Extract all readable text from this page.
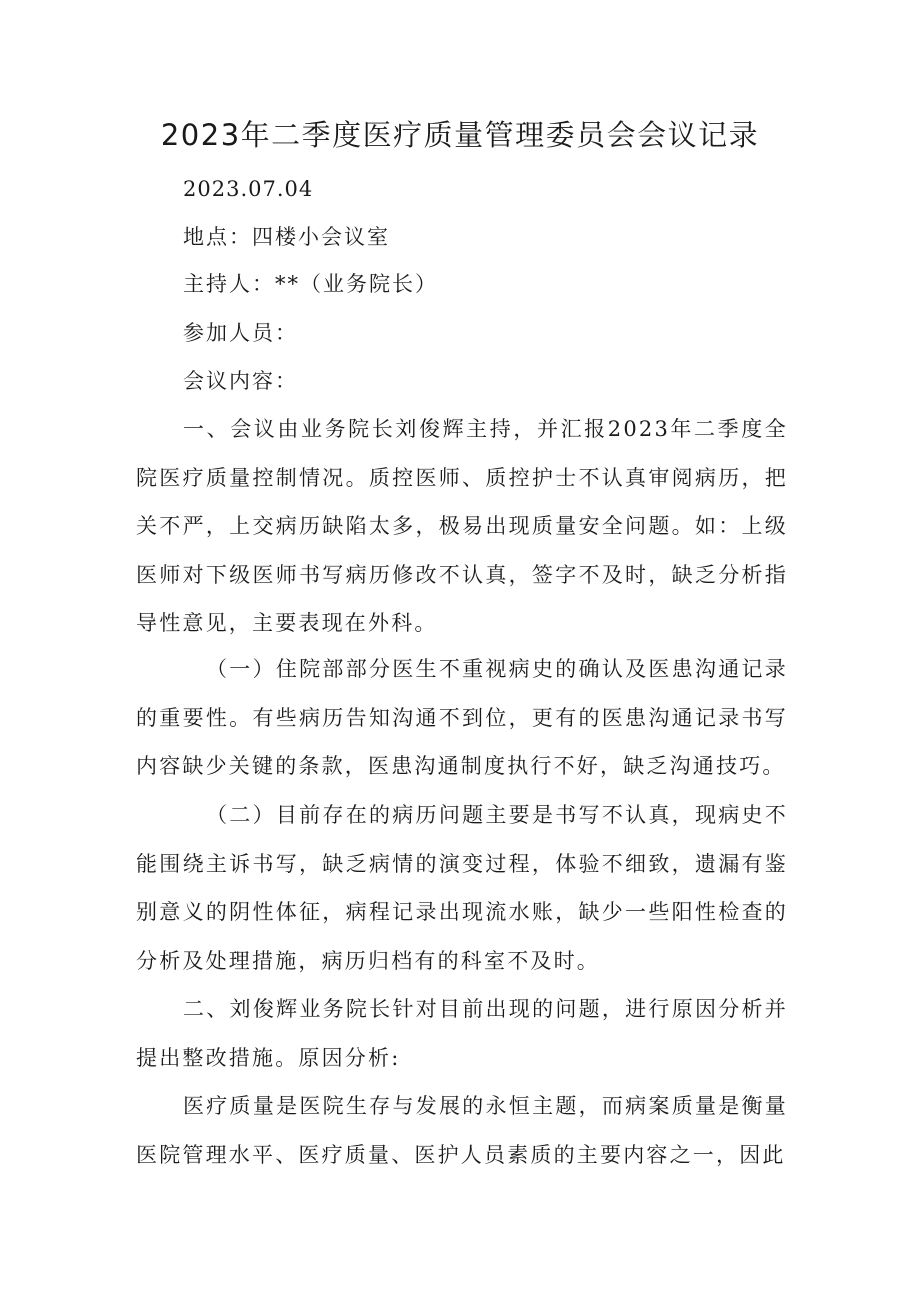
2023年二季度医疗质量管理委员会会议记录
2023.07.04
地点：四楼小会议室
主持人：**（业务院长）
参加人员：
会议内容：

一、会议由业务院长刘俊辉主持，并汇报2023年二季度全院医疗质量控制情况。质控医师、质控护士不认真审阅病历，把关不严，上交病历缺陷太多，极易出现质量安全问题。如：上级医师对下级医师书写病历修改不认真，签字不及时，缺乏分析指导性意见，主要表现在外科。

（一）住院部部分医生不重视病史的确认及医患沟通记录的重要性。有些病历告知沟通不到位，更有的医患沟通记录书写内容缺少关键的条款，医患沟通制度执行不好，缺乏沟通技巧。

（二）目前存在的病历问题主要是书写不认真，现病史不能围绕主诉书写，缺乏病情的演变过程，体验不细致，遗漏有鉴别意义的阴性体征，病程记录出现流水账，缺少一些阳性检查的分析及处理措施，病历归档有的科室不及时。

二、刘俊辉业务院长针对目前出现的问题，进行原因分析并提出整改措施。原因分析:

医疗质量是医院生存与发展的永恒主题，而病案质量是衡量医院管理水平、医疗质量、医护人员素质的主要内容之一，因此
